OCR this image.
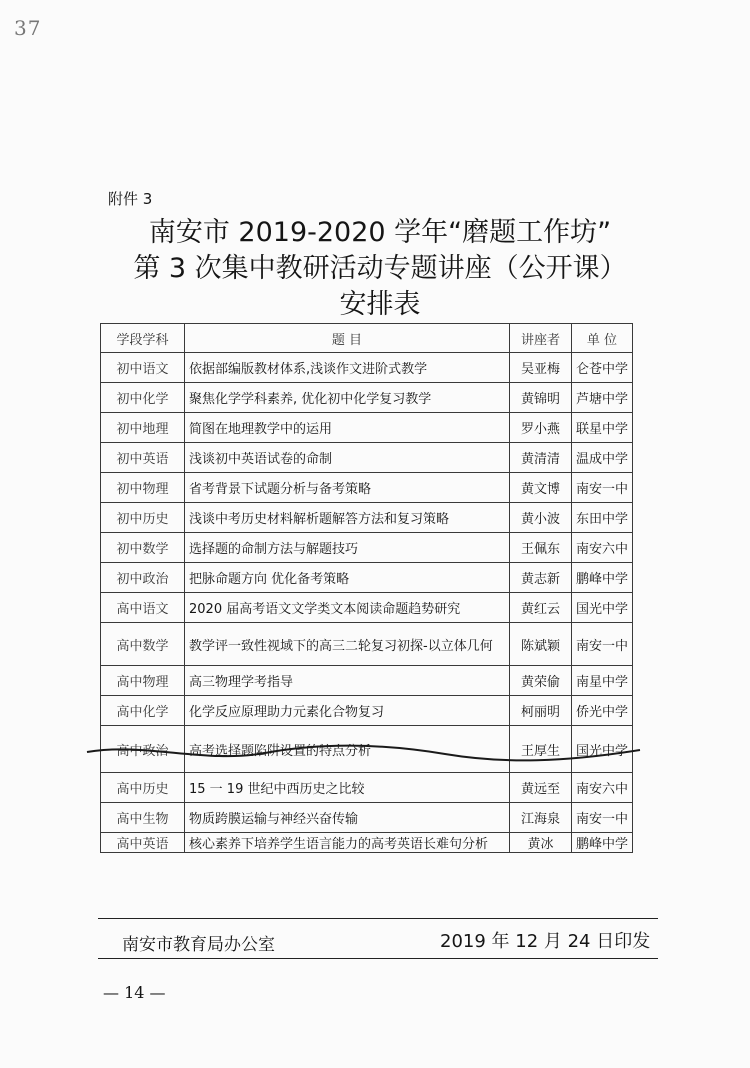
37
附件 3
南安市 2019-2020 学年“磨题工作坊”
第 3 次集中教研活动专题讲座（公开课）
安排表
学段学科	题 目	讲座者	单 位
初中语文	依据部编版教材体系,浅谈作文进阶式教学	吴亚梅	仑苍中学
初中化学	聚焦化学学科素养, 优化初中化学复习教学	黄锦明	芦塘中学
初中地理	简图在地理教学中的运用	罗小燕	联星中学
初中英语	浅谈初中英语试卷的命制	黄清清	温成中学
初中物理	省考背景下试题分析与备考策略	黄文博	南安一中
初中历史	浅谈中考历史材料解析题解答方法和复习策略	黄小波	东田中学
初中数学	选择题的命制方法与解题技巧	王佩东	南安六中
初中政治	把脉命题方向 优化备考策略	黄志新	鹏峰中学
高中语文	2020 届高考语文文学类文本阅读命题趋势研究	黄红云	国光中学
高中数学	教学评一致性视域下的高三二轮复习初探-以立体几何	陈斌颖	南安一中
高中物理	高三物理学考指导	黄荣偷	南星中学
高中化学	化学反应原理助力元素化合物复习	柯丽明	侨光中学
高中政治	高考选择题陷阱设置的特点分析	王厚生	国光中学
高中历史	15 一 19 世纪中西历史之比较	黄远至	南安六中
高中生物	物质跨膜运输与神经兴奋传输	江海泉	南安一中
高中英语	核心素养下培养学生语言能力的高考英语长难句分析	黄冰	鹏峰中学
南安市教育局办公室	2019 年 12 月 24 日印发
— 14 —
